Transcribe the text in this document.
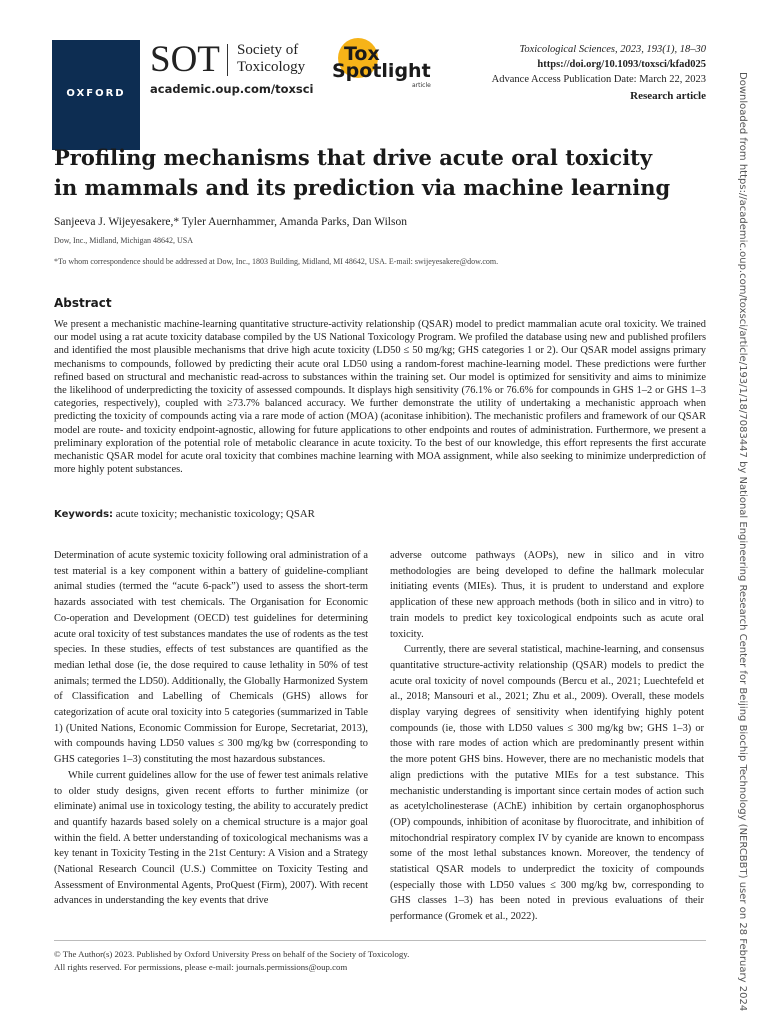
OXFORD
SOT Society of
Toxicology
academic.oup.com/toxsci
Tox
Spotlight
article
Toxicological Sciences, 2023, 193(1), 18–30
https://doi.org/10.1093/toxsci/kfad025
Advance Access Publication Date: March 22, 2023
Research article	Downloaded from https://academic.oup.com/toxsci/article/193/1/18/7083447 by National Engineering Research Center for Beijing Biochip Technology (NERCBBT) user on 28 February 2024
Profiling mechanisms that drive acute oral toxicity in mammals and its prediction via machine learning
Sanjeeva J. Wijeyesakere,* Tyler Auernhammer, Amanda Parks, Dan Wilson
Dow, Inc., Midland, Michigan 48642, USA
*To whom correspondence should be addressed at Dow, Inc., 1803 Building, Midland, MI 48642, USA. E-mail: swijeyesakere@dow.com.
Abstract

We present a mechanistic machine-learning quantitative structure-activity relationship (QSAR) model to predict mammalian acute oral toxicity. We trained our model using a rat acute toxicity database compiled by the US National Toxicology Program. We profiled the database using new and published profilers and identified the most plausible mechanisms that drive high acute toxicity (LD50 ≤ 50 mg/kg; GHS categories 1 or 2). Our QSAR model assigns primary mechanisms to compounds, followed by predicting their acute oral LD50 using a random-forest machine-learning model. These predictions were further refined based on structural and mechanistic read-across to substances within the training set. Our model is optimized for sensitivity and aims to minimize the likelihood of underpredicting the toxicity of assessed compounds. It displays high sensitivity (76.1% or 76.6% for compounds in GHS 1–2 or GHS 1–3 categories, respectively), coupled with ≥73.7% balanced accuracy. We further demonstrate the utility of undertaking a mechanistic approach when predicting the toxicity of compounds acting via a rare mode of action (MOA) (aconitase inhibition). The mechanistic profilers and framework of our QSAR model are route- and toxicity endpoint-agnostic, allowing for future applications to other endpoints and routes of administration. Furthermore, we present a preliminary exploration of the potential role of metabolic clearance in acute toxicity. To the best of our knowledge, this effort represents the first accurate mechanistic QSAR model for acute oral toxicity that combines machine learning with MOA assignment, while also seeking to minimize underprediction of more highly potent substances.

Keywords: acute toxicity; mechanistic toxicology; QSAR

Determination of acute systemic toxicity following oral administration of a test material is a key component within a battery of guideline-compliant animal studies (termed the “acute 6-pack”) used to assess the short-term hazards associated with test chemicals. The Organisation for Economic Co-operation and Development (OECD) test guidelines for determining acute oral toxicity of test substances mandates the use of rodents as the test species. In these studies, effects of test substances are quantified as the median lethal dose (ie, the dose required to cause lethality in 50% of test animals; termed the LD50). Additionally, the Globally Harmonized System of Classification and Labelling of Chemicals (GHS) allows for categorization of acute oral toxicity into 5 categories (summarized in Table 1) (United Nations, Economic Commission for Europe, Secretariat, 2013), with compounds having LD50 values ≤ 300 mg/kg bw (corresponding to GHS categories 1–3) constituting the most hazardous substances.

While current guidelines allow for the use of fewer test animals relative to older study designs, given recent efforts to further minimize (or eliminate) animal use in toxicology testing, the ability to accurately predict and quantify hazards based solely on a chemical structure is a major goal within the field. A better understanding of toxicological mechanisms was a key tenant in Toxicity Testing in the 21st Century: A Vision and a Strategy (National Research Council (U.S.) Committee on Toxicity Testing and Assessment of Environmental Agents, ProQuest (Firm), 2007). With recent advances in understanding the key events that drive

adverse outcome pathways (AOPs), new in silico and in vitro methodologies are being developed to define the hallmark molecular initiating events (MIEs). Thus, it is prudent to understand and explore application of these new approach methods (both in silico and in vitro) to train models to predict key toxicological endpoints such as acute oral toxicity.

Currently, there are several statistical, machine-learning, and consensus quantitative structure-activity relationship (QSAR) models to predict the acute oral toxicity of novel compounds (Bercu et al., 2021; Luechtefeld et al., 2018; Mansouri et al., 2021; Zhu et al., 2009). Overall, these models display varying degrees of sensitivity when identifying highly potent compounds (ie, those with LD50 values ≤ 300 mg/kg bw; GHS 1–3) or those with rare modes of action which are predominantly present within the more potent GHS bins. However, there are no mechanistic models that align predictions with the putative MIEs for a test substance. This mechanistic understanding is important since certain modes of action such as acetylcholinesterase (AChE) inhibition by certain organophosphorus (OP) compounds, inhibition of aconitase by fluorocitrate, and inhibition of mitochondrial respiratory complex IV by cyanide are known to encompass some of the most lethal substances known. Moreover, the tendency of statistical QSAR models to underpredict the toxicity of compounds (especially those with LD50 values ≤ 300 mg/kg bw, corresponding to GHS classes 1–3) has been noted in previous evaluations of their performance (Gromek et al., 2022).

© The Author(s) 2023. Published by Oxford University Press on behalf of the Society of Toxicology.
All rights reserved. For permissions, please e-mail: journals.permissions@oup.com
